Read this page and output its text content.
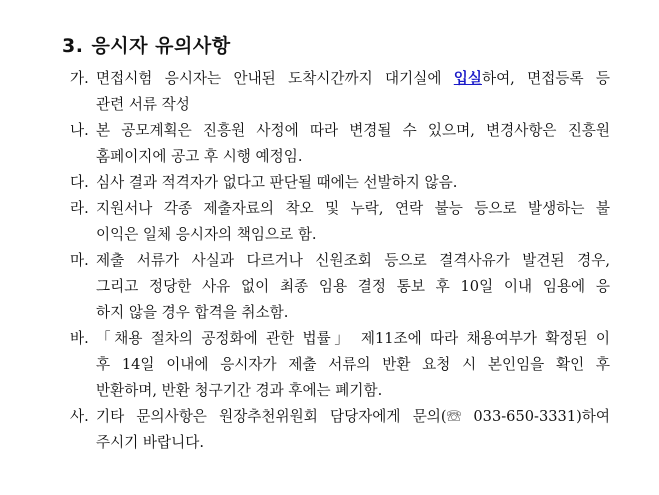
3. 응시자 유의사항
가. 면접시험 응시자는 안내된 도착시간까지 대기실에 입실하여, 면접등록 등
관련 서류 작성
나. 본 공모계획은 진흥원 사정에 따라 변경될 수 있으며, 변경사항은 진흥원
홈페이지에 공고 후 시행 예정임.
다. 심사 결과 적격자가 없다고 판단될 때에는 선발하지 않음.
라. 지원서나 각종 제출자료의 착오 및 누락, 연락 불능 등으로 발생하는 불
이익은 일체 응시자의 책임으로 함.
마. 제출 서류가 사실과 다르거나 신원조회 등으로 결격사유가 발견된 경우,
그리고 정당한 사유 없이 최종 임용 결정 통보 후 10일 이내 임용에 응
하지 않을 경우 합격을 취소함.
바. 「채용 절차의 공정화에 관한 법률」 제11조에 따라 채용여부가 확정된 이
후 14일 이내에 응시자가 제출 서류의 반환 요청 시 본인임을 확인 후
반환하며, 반환 청구기간 경과 후에는 폐기함.
사. 기타 문의사항은 원장추천위원회 담당자에게 문의(☏ 033-650-3331)하여
주시기 바랍니다.
